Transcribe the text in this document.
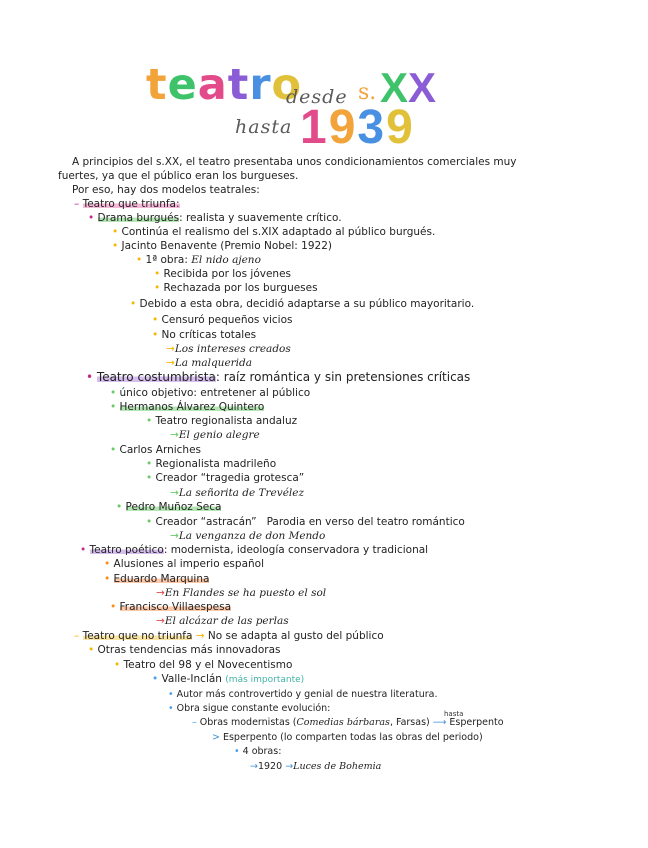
teatro
desde s. XX
hasta 1939
A principios del s.XX, el teatro presentaba unos condicionamientos comerciales muy
fuertes, ya que el público eran los burgueses.
Por eso, hay dos modelos teatrales:
– Teatro que triunfa:
• Drama burgués: realista y suavemente crítico.
• Continúa el realismo del s.XIX adaptado al público burgués.
• Jacinto Benavente (Premio Nobel: 1922)
• 1ª obra: El nido ajeno
• Recibida por los jóvenes
• Rechazada por los burgueses
• Debido a esta obra, decidió adaptarse a su público mayoritario.
• Censuró pequeños vicios
• No críticas totales
→Los intereses creados
→La malquerida
• Teatro costumbrista: raíz romántica y sin pretensiones críticas
• único objetivo: entretener al público
• Hermanos Álvarez Quintero
• Teatro regionalista andaluz
→El genio alegre
• Carlos Arniches
• Regionalista madrileño
• Creador “tragedia grotesca”
→La señorita de Trevélez
• Pedro Muñoz Seca
• Creador “astracán” Parodia en verso del teatro romántico
→La venganza de don Mendo
• Teatro poético: modernista, ideología conservadora y tradicional
• Alusiones al imperio español
• Eduardo Marquina
→En Flandes se ha puesto el sol
• Francisco Villaespesa
→El alcázar de las perlas
– Teatro que no triunfa → No se adapta al gusto del público
• Otras tendencias más innovadoras
• Teatro del 98 y el Novecentismo
• Valle-Inclán (más importante)
• Autor más controvertido y genial de nuestra literatura.
• Obra sigue constante evolución:
– Obras modernistas (Comedias bárbaras, Farsas) ⟶ Esperpento
hasta
> Esperpento (lo comparten todas las obras del periodo)
• 4 obras:
→1920 →Luces de Bohemia
